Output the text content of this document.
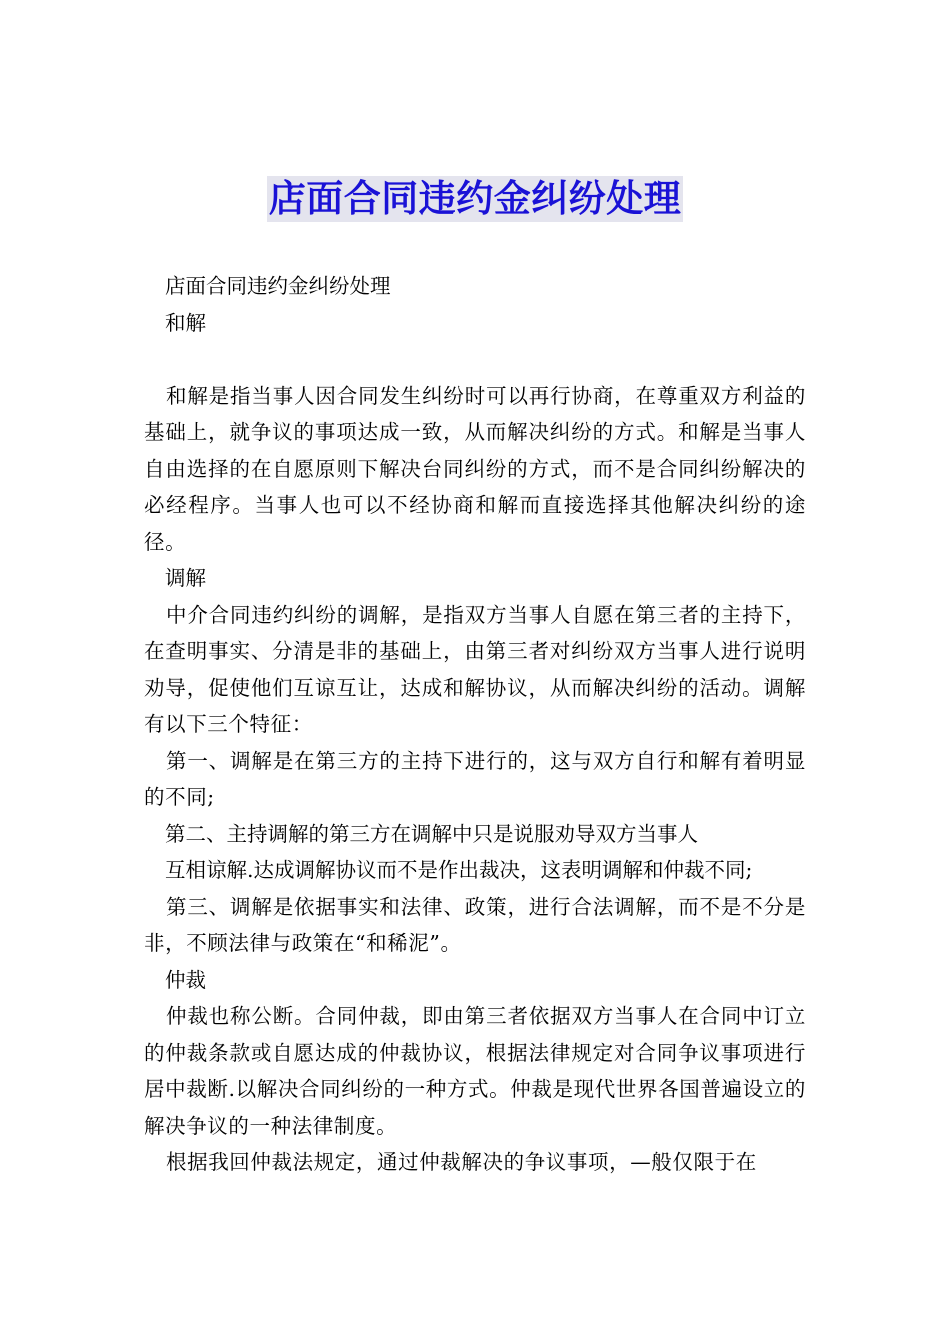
店面合同违约金纠纷处理
店面合同违约金纠纷处理
和解

和解是指当事人因合同发生纠纷时可以再行协商，在尊重双方利益的基础上，就争议的事项达成一致，从而解决纠纷的方式。和解是当事人自由选择的在自愿原则下解决台同纠纷的方式，而不是合同纠纷解决的必经程序。当事人也可以不经协商和解而直接选择其他解决纠纷的途径。

调解

中介合同违约纠纷的调解，是指双方当事人自愿在第三者的主持下，在查明事实、分清是非的基础上，由第三者对纠纷双方当事人进行说明劝导，促使他们互谅互让，达成和解协议，从而解决纠纷的活动。调解有以下三个特征：

第一、调解是在第三方的主持下进行的，这与双方自行和解有着明显的不同;

第二、主持调解的第三方在调解中只是说服劝导双方当事人
互相谅解.达成调解协议而不是作出裁决，这表明调解和仲裁不同;

第三、调解是依据事实和法律、政策，进行合法调解，而不是不分是非，不顾法律与政策在“和稀泥”。

仲裁

仲裁也称公断。合同仲裁，即由第三者依据双方当事人在合同中订立的仲裁条款或自愿达成的仲裁协议，根据法律规定对合同争议事项进行居中裁断.以解决合同纠纷的一种方式。仲裁是现代世界各国普遍设立的解决争议的一种法律制度。

根据我回仲裁法规定，通过仲裁解决的争议事项，—般仅限于在
